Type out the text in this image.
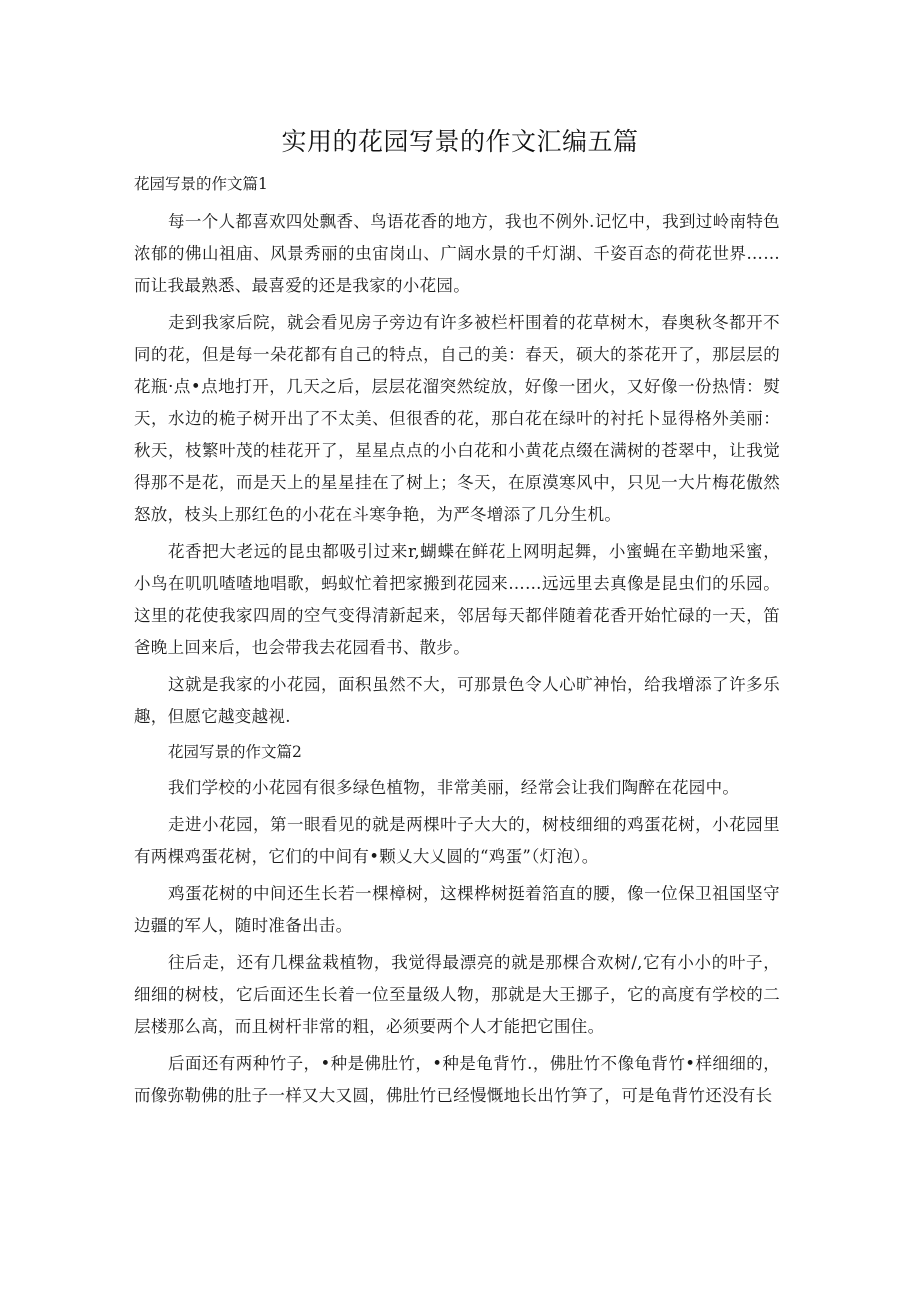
实用的花园写景的作文汇编五篇
花园写景的作文篇1

每一个人都喜欢四处飘香、鸟语花香的地方，我也不例外.记忆中，我到过岭南特色浓郁的佛山祖庙、风景秀丽的虫宙岗山、广阔水景的千灯湖、千姿百态的荷花世界……而让我最熟悉、最喜爱的还是我家的小花园。

走到我家后院，就会看见房子旁边有许多被栏杆围着的花草树木，春奥秋冬都开不同的花，但是每一朵花都有自己的特点，自己的美：春天，硕大的茶花开了，那层层的花瓶·点•点地打开，几天之后，层层花溜突然绽放，好像一团火，又好像一份热情：熨天，水边的桅子树开出了不太美、但很香的花，那白花在绿叶的衬托卜显得格外美丽：秋天，枝繁叶茂的桂花开了，星星点点的小白花和小黄花点缀在满树的苍翠中，让我觉得那不是花，而是天上的星星挂在了树上；冬天，在原漠寒风中，只见一大片梅花傲然怒放，枝头上那红色的小花在斗寒争艳，为严冬增添了几分生机。

花香把大老远的昆虫都吸引过来r,蝴蝶在鲜花上网明起舞，小蜜蝇在辛勤地采蜜，小鸟在叽叽喳喳地唱歌，蚂蚁忙着把家搬到花园来……远远里去真像是昆虫们的乐园。这里的花使我家四周的空气变得清新起来，邻居每天都伴随着花香开始忙碌的一天，笛爸晚上回来后，也会带我去花园看书、散步。

这就是我家的小花园，面积虽然不大，可那景色令人心旷神怡，给我增添了许多乐趣，但愿它越变越视.

花园写景的作文篇2

我们学校的小花园有很多绿色植物，非常美丽，经常会让我们陶醉在花园中。

走进小花园，第一眼看见的就是两棵叶子大大的，树枝细细的鸡蛋花树，小花园里有两棵鸡蛋花树，它们的中间有•颗乂大乂圆的“鸡蛋”（灯泡）。

鸡蛋花树的中间还生长若一棵樟树，这棵桦树挺着箔直的腰，像一位保卫祖国坚守边疆的军人，随时准备出击。

往后走，还有几棵盆栽植物，我觉得最漂亮的就是那棵合欢树/,它有小小的叶子，细细的树枝，它后面还生长着一位至量级人物，那就是大王挪子，它的高度有学校的二层楼那么高，而且树杆非常的粗，必须要两个人才能把它围住。

后面还有两种竹子，•种是佛肚竹，•种是龟背竹.，佛肚竹不像龟背竹•样细细的，而像弥勒佛的肚子一样又大又圆，佛肚竹已经慢慨地长出竹笋了，可是龟背竹还没有长
